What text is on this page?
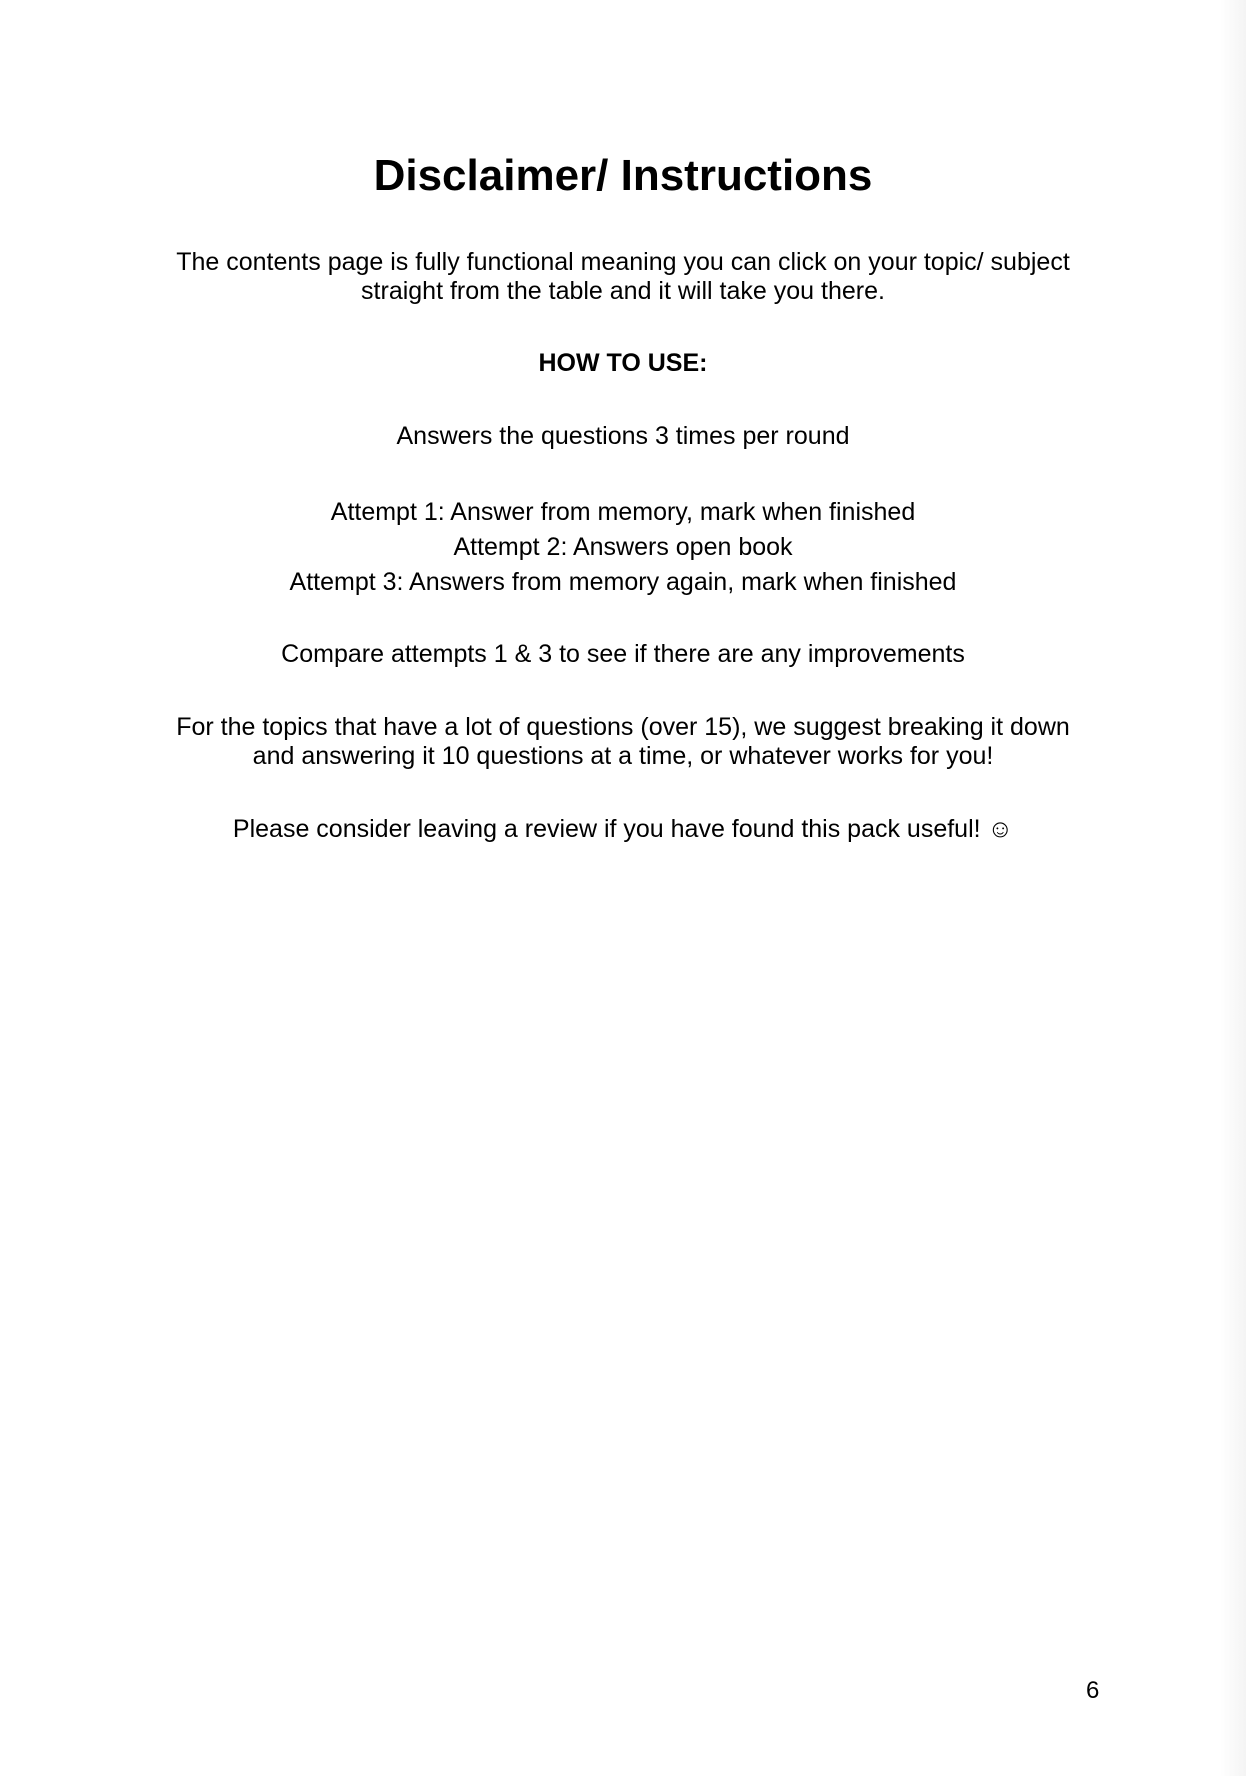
Disclaimer/ Instructions
The contents page is fully functional meaning you can click on your topic/ subject
straight from the table and it will take you there.
HOW TO USE:
Answers the questions 3 times per round
Attempt 1: Answer from memory, mark when finished
Attempt 2: Answers open book
Attempt 3: Answers from memory again, mark when finished
Compare attempts 1 & 3 to see if there are any improvements
For the topics that have a lot of questions (over 15), we suggest breaking it down
and answering it 10 questions at a time, or whatever works for you!
Please consider leaving a review if you have found this pack useful! ☺
6
